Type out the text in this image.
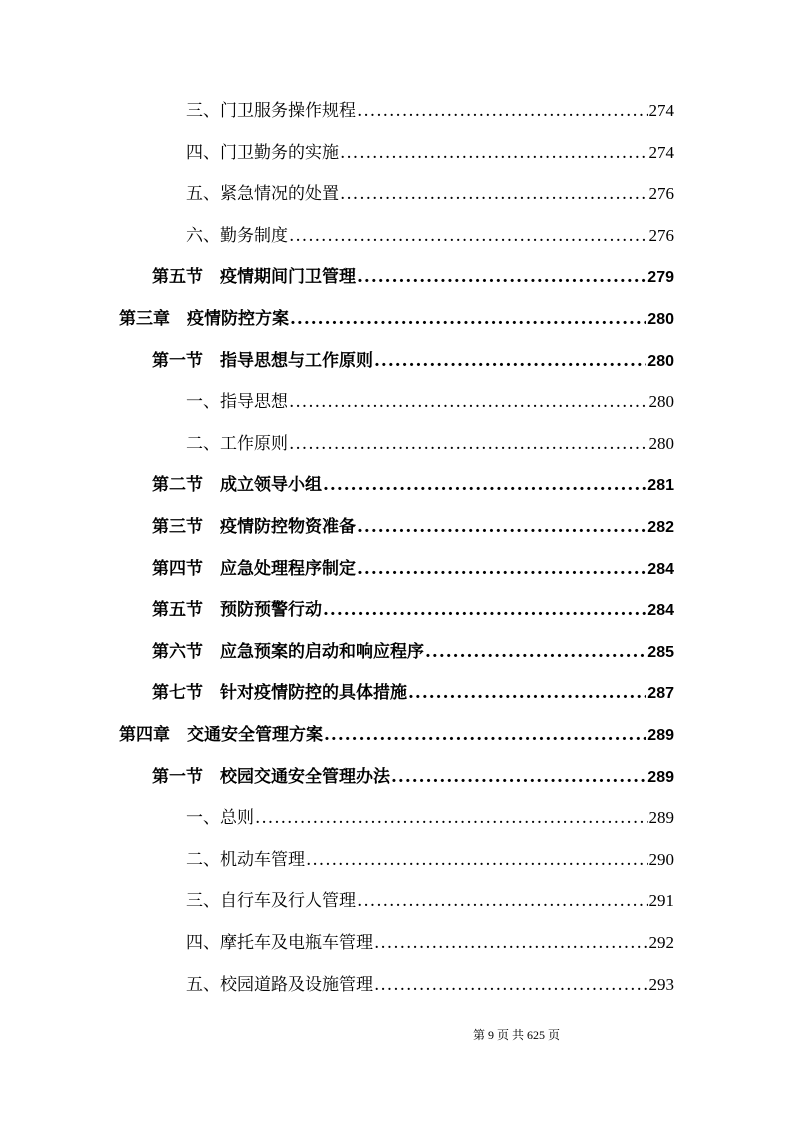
三、门卫服务操作规程 .....	274
四、门卫勤务的实施 .....	274
五、紧急情况的处置 .....	276
六、勤务制度 .....	276
第五节　疫情期间门卫管理 .....	279
第三章　疫情防控方案 .....	280
第一节　指导思想与工作原则 .....	280
一、指导思想 .....	280
二、工作原则 .....	280
第二节　成立领导小组 .....	281
第三节　疫情防控物资准备 .....	282
第四节　应急处理程序制定 .....	284
第五节　预防预警行动 .....	284
第六节　应急预案的启动和响应程序 .....	285
第七节　针对疫情防控的具体措施 .....	287
第四章　交通安全管理方案 .....	289
第一节　校园交通安全管理办法 .....	289
一、总则 .....	289
二、机动车管理 .....	290
三、自行车及行人管理 .....	291
四、摩托车及电瓶车管理 .....	292
五、校园道路及设施管理 .....	293
第 9 页 共 625 页
